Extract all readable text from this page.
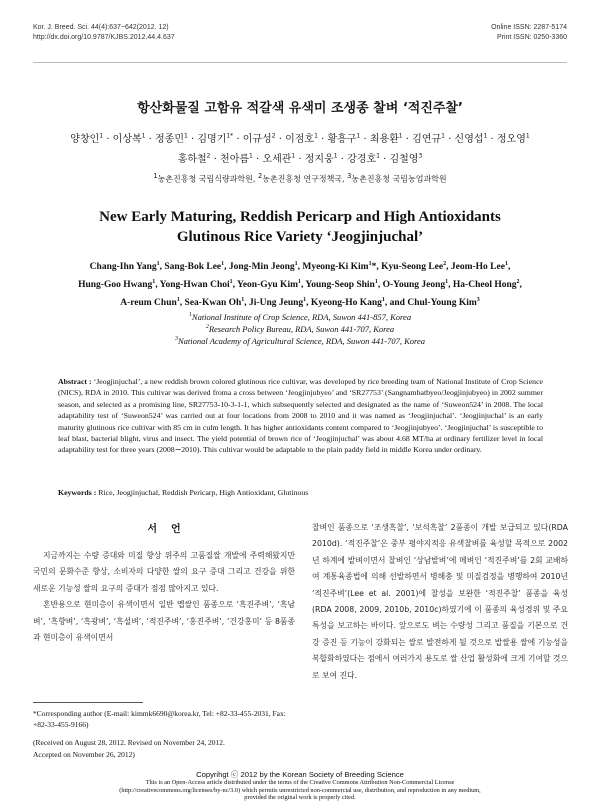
Kor. J. Breed. Sci. 44(4):637~642(2012. 12)
http://dx.doi.org/10.9787/KJBS.2012.44.4.637
Online ISSN: 2287-5174
Print ISSN: 0250-3360
항산화물질 고함유 적갈색 유색미 조생종 찰벼 ‘적진주찰’
양창인$^1$ · 이상복$^1$ · 정종민$^1$ · 김명기$^{1*}$ · 이규성$^2$ · 이점호$^1$ · 황흥구$^1$ · 최용환$^1$ · 김연규$^1$ · 신영섭$^1$ · 정오영$^1$
홍하철$^2$ · 천아름$^1$ · 오세관$^1$ · 정지웅$^1$ · 강경호$^1$ · 김철영$^3$
$^1$농촌진흥청 국립식량과학원, $^2$농촌진흥청 연구정책국, $^3$농촌진흥청 국립농업과학원
New Early Maturing, Reddish Pericarp and High Antioxidants
Glutinous Rice Variety ‘Jeogjinjuchal’
Chang-Ihn Yang$^1$, Sang-Bok Lee$^1$, Jong-Min Jeong$^1$, Myeong-Ki Kim$^1$*, Kyu-Seong Lee$^2$, Jeom-Ho Lee$^1$,
Hung-Goo Hwang$^1$, Yong-Hwan Choi$^1$, Yeon-Gyu Kim$^1$, Young-Seop Shin$^1$, O-Young Jeong$^1$, Ha-Cheol Hong$^2$,
A-reum Chun$^1$, Sea-Kwan Oh$^1$, Ji-Ung Jeung$^1$, Kyeong-Ho Kang$^1$, and Chul-Young Kim$^3$
$^1$National Institute of Crop Science, RDA, Suwon 441-857, Korea
$^2$Research Policy Bureau, RDA, Suwon 441-707, Korea
$^3$National Academy of Agricultural Science, RDA, Suwon 441-707, Korea

Abstract : ‘Jeogjinjuchal’, a new reddish brown colored glutinous rice cultivar, was developed by rice breeding team of National Institute of Crop Science (NICS), RDA in 2010. This cultivar was derived froma a cross between ‘Jeogjinjubyeo’ and ‘SR27753’ (Sangnambatbyeo/Jeogjinjubyeo) in 2002 summer season, and selected as a promising line, SR27753-10-3-1-1, which subsequently selected and designated as the name of ‘Suweon524’ in 2008. The local adaptability test of ‘Suweon524’ was carried out at four locations from 2008 to 2010 and it was named as ‘Jeogjinjuchal’. ‘Jeogjinjuchal’ is an early maturity glutinous rice cultivar with 85 cm in culm length. It has higher antioxidants content compared to ‘Jeogjinjubyeo’. ‘Jeogjinjuchal’ is susceptible to leaf blast, bacterial blight, virus and insect. The yield potential of brown rice of ‘Jeogjinjuchal’ was about 4.68 MT/ha at ordinary fertilizer level in local adaptability test for three years (2008∼2010). This cultivar would be adaptable to the plain paddy field in middle Korea under ordinary.

Keywords : Rice, Jeogjinjuchal, Reddish Pericarp, High Antioxidant, Glutinous

서언

지금까지는 수량 증대와 미질 향상 위주의 고품질쌀 개발에 주력해왔지만 국민의 문화수준 향상, 소비자의 다양한 쌀의 요구 증대 그리고 건강을 위한 새로운 기능성 쌀의 요구의 증대가 점점 많아지고 있다.

혼반용으로 현미층이 유색이면서 일반 멥쌀인 품종으로 ‘흑진주벼’, ‘흑남벼’, ‘흑향벼’, ‘흑광벼’, ‘흑설벼’, ‘적진주벼’, ‘홍진주벼’, ‘건강홍미’ 등 8품종과 현미층이 유색이면서

찰벼인 품종으로 ‘조생흑찰’, ‘보석흑찰’ 2품종이 개발 보급되고 있다(RDA 2010d). ‘적진주찰’은 중부 평야지적응 유색찰벼를 육성할 목적으로 2002년 하계에 밭벼이면서 찰벼인 ‘상남밭벼’에 메벼인 ‘적진주벼’를 2회 교배하여 계통육종법에 의해 선발하면서 병해충 및 미질검정을 병행하여 2010년 ‘적진주벼’(Lee et al. 2001)에 찰성을 보완한 ‘적진주찰’ 품종을 육성(RDA 2008, 2009, 2010b, 2010c)하였기에 이 품종의 육성경위 및 주요특성을 보고하는 바이다. 앞으로도 벼는 수량성 그리고 품질을 기본으로 건강 증진 등 기능이 강화되는 쌀로 발전하게 될 것으로 밥쌀용 쌀에 기능성을 복합화하였다는 점에서 여러가지 용도로 쌀 산업 활성화에 크게 기여할 것으로 보여 진다.

*Corresponding author (E-mail: kimmk6690@korea.kr, Tel: +82-33-455-2031, Fax: +82-33-455-9166)

(Received on August 28, 2012. Revised on November 24, 2012.
Accepted on November 26, 2012)
Copyrihgt ⓒ 2012 by the Korean Society of Breeding Science
This is an Open-Access article distributed under the terms of the Creative Commons Attribution Non-Commercial License
(http://creativecommons.org/licenses/by-nc/3.0) which permits unrestricted non-commercial use, distribution, and reproduction in any medium,
provided the original work is properly cited.
